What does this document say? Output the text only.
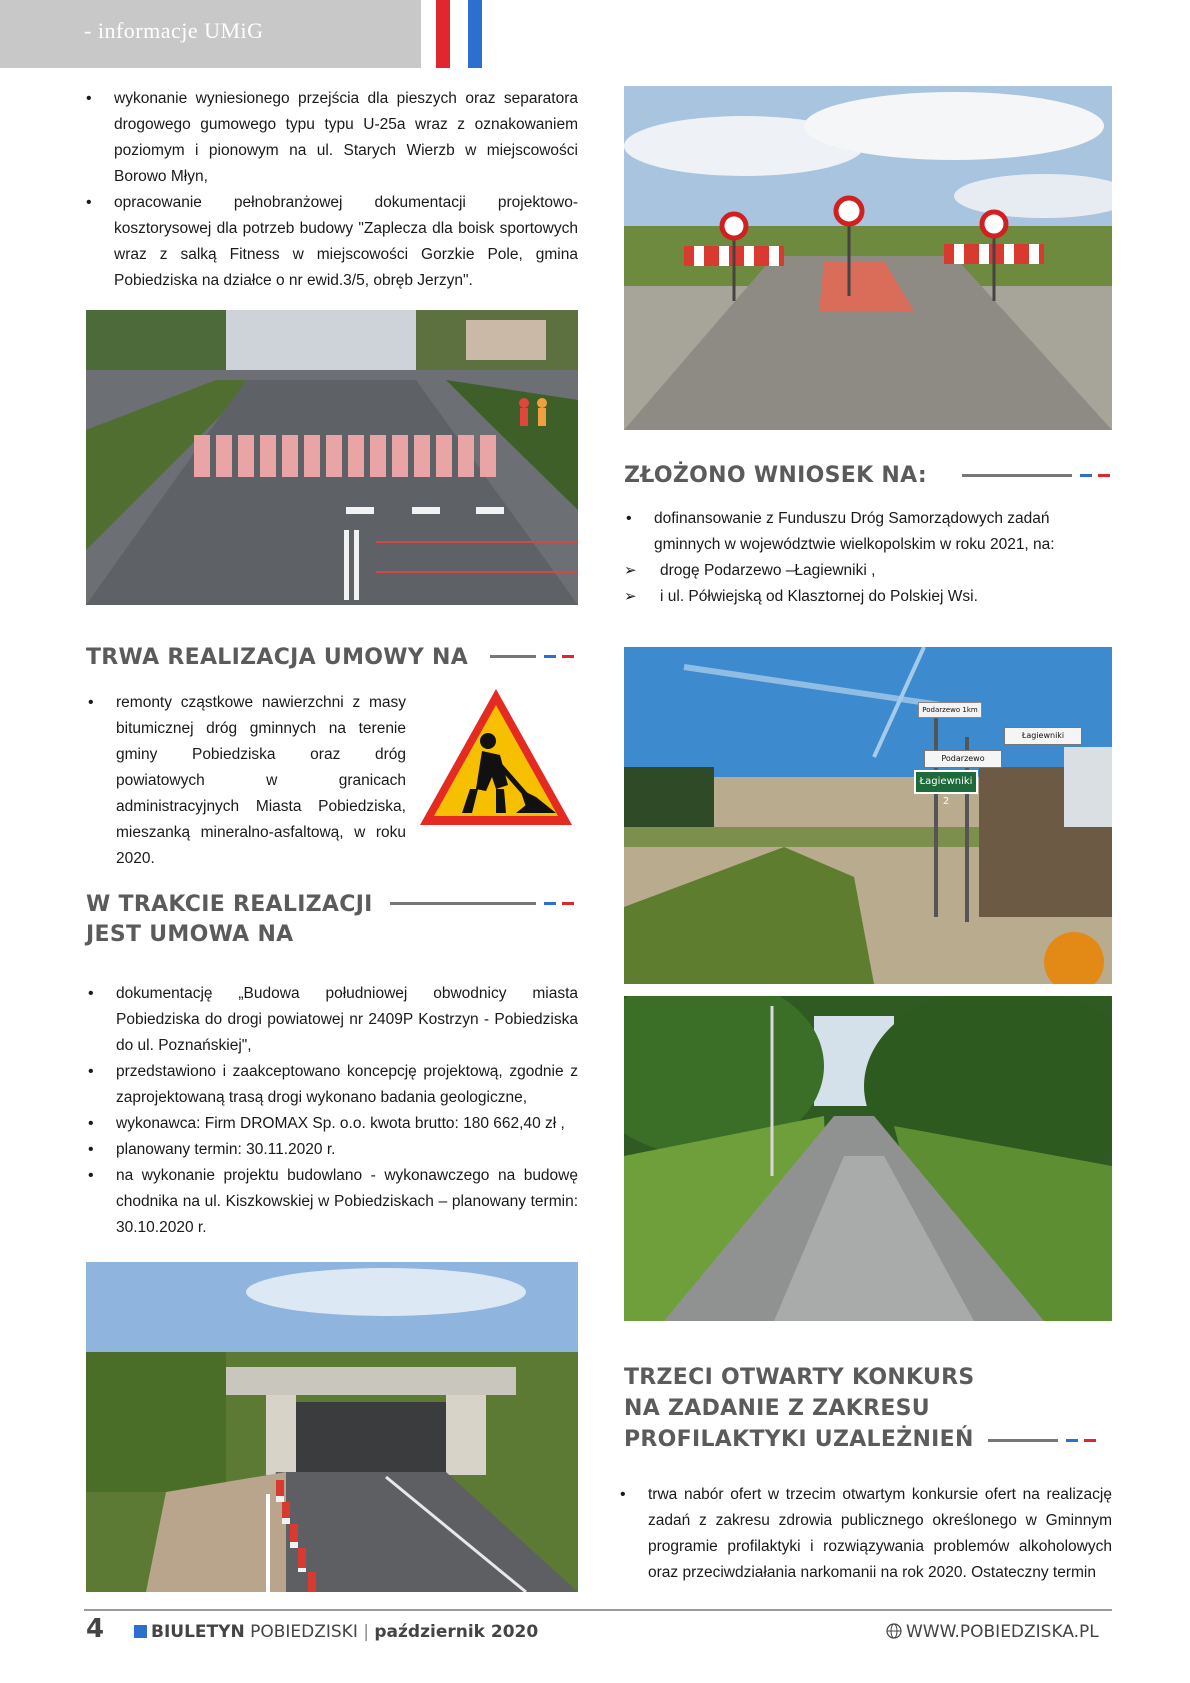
- informacje UMiG
• wykonanie wyniesionego przejścia dla pieszych oraz separatora drogowego gumowego typu typu U-25a wraz z oznakowaniem poziomym i pionowym na ul. Starych Wierzb w miejscowości Borowo Młyn,
• opracowanie pełnobranżowej dokumentacji projektowo-kosztorysowej dla potrzeb budowy "Zaplecza dla boisk sportowych wraz z salką Fitness w miejscowości Gorzkie Pole, gmina Pobiedziska na działce o nr ewid.3/5, obręb Jerzyn".
ZŁOŻONO WNIOSEK NA:
• dofinansowanie z Funduszu Dróg Samorządowych zadań gminnych w województwie wielkopolskim w roku 2021, na:
➢ drogę Podarzewo –Łagiewniki ,
➢ i ul. Półwiejską od Klasztornej do Polskiej Wsi.
TRWA REALIZACJA UMOWY NA
• remonty cząstkowe nawierzchni z masy bitumicznej dróg gminnych na terenie gminy Pobiedziska oraz dróg powiatowych w granicach administracyjnych Miasta Pobiedziska, mieszanką mineralno-asfaltową, w roku 2020.
W TRAKCIE REALIZACJI
JEST UMOWA NA
• dokumentację „Budowa południowej obwodnicy miasta Pobiedziska do drogi powiatowej nr 2409P Kostrzyn - Pobiedziska do ul. Poznańskiej",
• przedstawiono i zaakceptowano koncepcję projektową, zgodnie z zaprojektowaną trasą drogi wykonano badania geologiczne,
• wykonawca: Firm DROMAX Sp. o.o. kwota brutto: 180 662,40 zł ,
• planowany termin: 30.11.2020 r.
• na wykonanie projektu budowlano - wykonawczego na budowę chodnika na ul. Kiszkowskiej w Pobiedziskach – planowany termin: 30.10.2020 r.
Podarzewo 1km
Podarzewo
Łagiewniki 2
Łagiewniki
TRZECI OTWARTY KONKURS
NA ZADANIE Z ZAKRESU
PROFILAKTYKI UZALEŻNIEŃ
• trwa nabór ofert w trzecim otwartym konkursie ofert na realizację zadań z zakresu zdrowia publicznego określonego w Gminnym programie profilaktyki i rozwiązywania problemów alkoholowych oraz przeciwdziałania narkomanii na rok 2020. Ostateczny termin
4	BIULETYN POBIEDZISKI | październik 2020	WWW.POBIEDZISKA.PL
